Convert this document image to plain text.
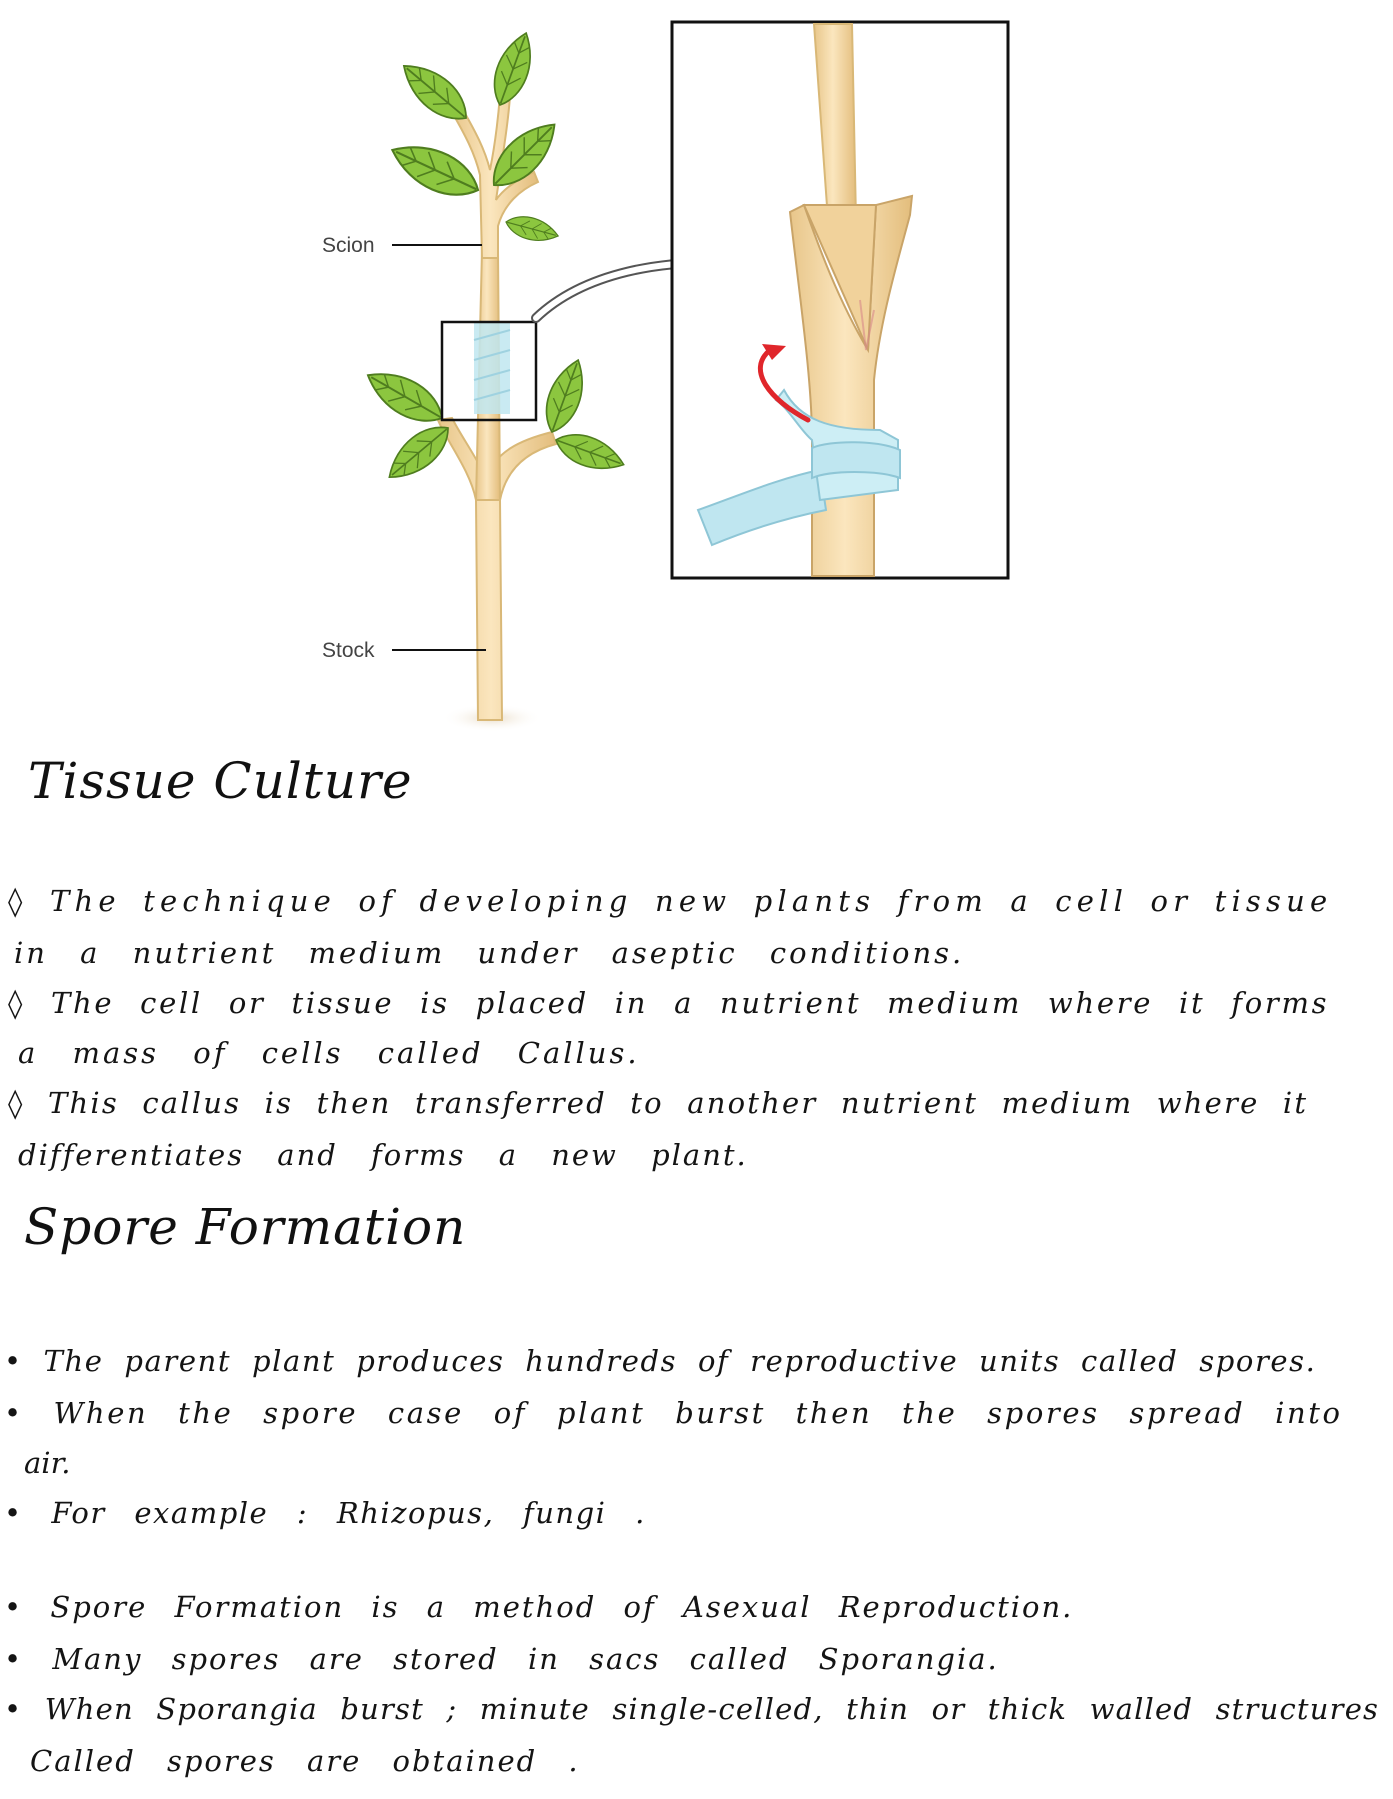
Scion
Stock
Tissue Culture

◊ The technique of developing new plants from a cell or tissue

in a nutrient medium under aseptic conditions.

◊ The cell or tissue is placed in a nutrient medium where it forms

a mass of cells called Callus.

◊ This callus is then transferred to another nutrient medium where it

differentiates and forms a new plant.

Spore Formation

• The parent plant produces hundreds of reproductive units called spores.

• When the spore case of plant burst then the spores spread into

air.

• For example : Rhizopus, fungi .

• Spore Formation is a method of Asexual Reproduction.

• Many spores are stored in sacs called Sporangia.

• When Sporangia burst ; minute single-celled, thin or thick walled structures

Called spores are obtained .
